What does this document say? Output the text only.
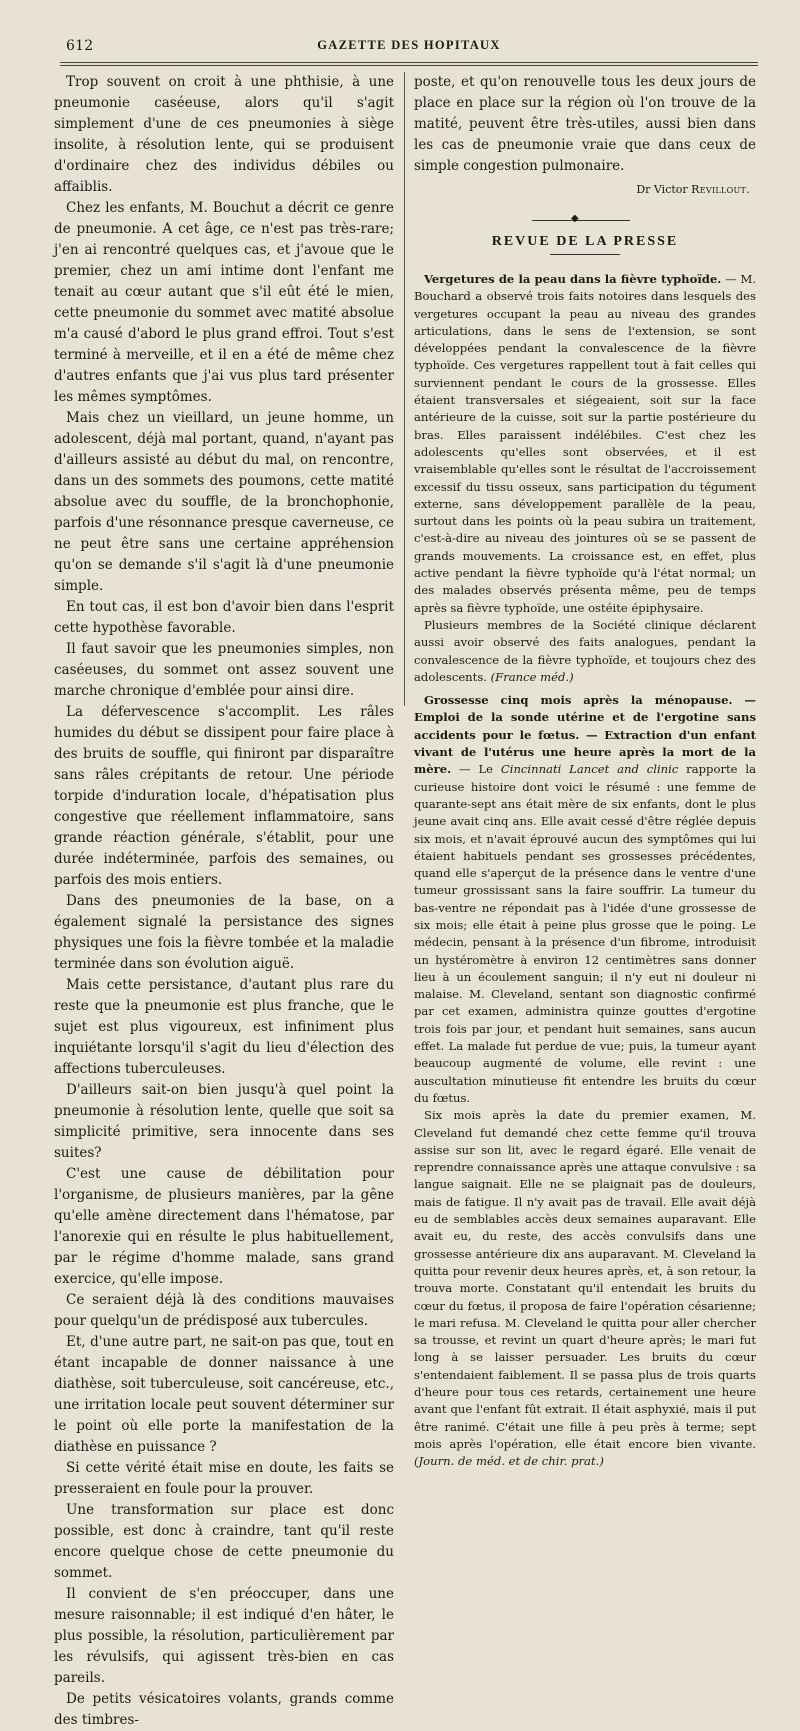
612	GAZETTE DES HOPITAUX

Trop souvent on croit à une phthisie, à une pneumonie caséeuse, alors qu'il s'agit simplement d'une de ces pneumonies à siège insolite, à résolution lente, qui se produisent d'ordinaire chez des individus débiles ou affaiblis.

Chez les enfants, M. Bouchut a décrit ce genre de pneumonie. A cet âge, ce n'est pas très-rare; j'en ai rencontré quelques cas, et j'avoue que le premier, chez un ami intime dont l'enfant me tenait au cœur autant que s'il eût été le mien, cette pneumonie du sommet avec matité absolue m'a causé d'abord le plus grand effroi. Tout s'est terminé à merveille, et il en a été de même chez d'autres enfants que j'ai vus plus tard présenter les mêmes symptômes.

Mais chez un vieillard, un jeune homme, un adolescent, déjà mal portant, quand, n'ayant pas d'ailleurs assisté au début du mal, on rencontre, dans un des sommets des poumons, cette matité absolue avec du souffle, de la bronchophonie, parfois d'une résonnance presque caverneuse, ce ne peut être sans une certaine appréhension qu'on se demande s'il s'agit là d'une pneumonie simple.

En tout cas, il est bon d'avoir bien dans l'esprit cette hypothèse favorable.

Il faut savoir que les pneumonies simples, non caséeuses, du sommet ont assez souvent une marche chronique d'emblée pour ainsi dire.

La défervescence s'accomplit. Les râles humides du début se dissipent pour faire place à des bruits de souffle, qui finiront par disparaître sans râles crépitants de retour. Une période torpide d'induration locale, d'hépatisation plus congestive que réellement inflammatoire, sans grande réaction générale, s'établit, pour une durée indéterminée, parfois des semaines, ou parfois des mois entiers.

Dans des pneumonies de la base, on a également signalé la persistance des signes physiques une fois la fièvre tombée et la maladie terminée dans son évolution aiguë.

Mais cette persistance, d'autant plus rare du reste que la pneumonie est plus franche, que le sujet est plus vigoureux, est infiniment plus inquiétante lorsqu'il s'agit du lieu d'élection des affections tuberculeuses.

D'ailleurs sait-on bien jusqu'à quel point la pneumonie à résolution lente, quelle que soit sa simplicité primitive, sera innocente dans ses suites?

C'est une cause de débilitation pour l'organisme, de plusieurs manières, par la gêne qu'elle amène directement dans l'hématose, par l'anorexie qui en résulte le plus habituellement, par le régime d'homme malade, sans grand exercice, qu'elle impose.

Ce seraient déjà là des conditions mauvaises pour quelqu'un de prédisposé aux tubercules.

Et, d'une autre part, ne sait-on pas que, tout en étant incapable de donner naissance à une diathèse, soit tuberculeuse, soit cancéreuse, etc., une irritation locale peut souvent déterminer sur le point où elle porte la manifestation de la diathèse en puissance ?

Si cette vérité était mise en doute, les faits se presseraient en foule pour la prouver.

Une transformation sur place est donc possible, est donc à craindre, tant qu'il reste encore quelque chose de cette pneumonie du sommet.

Il convient de s'en préoccuper, dans une mesure raisonnable; il est indiqué d'en hâter, le plus possible, la résolution, particulièrement par les révulsifs, qui agissent très-bien en cas pareils.

De petits vésicatoires volants, grands comme des timbres-

poste, et qu'on renouvelle tous les deux jours de place en place sur la région où l'on trouve de la matité, peuvent être très-utiles, aussi bien dans les cas de pneumonie vraie que dans ceux de simple congestion pulmonaire.

Dr Victor Revillout.
◆
REVUE DE LA PRESSE

Vergetures de la peau dans la fièvre typhoïde. — M. Bouchard a observé trois faits notoires dans lesquels des vergetures occupant la peau au niveau des grandes articulations, dans le sens de l'extension, se sont développées pendant la convalescence de la fièvre typhoïde. Ces vergetures rappellent tout à fait celles qui surviennent pendant le cours de la grossesse. Elles étaient transversales et siégeaient, soit sur la face antérieure de la cuisse, soit sur la partie postérieure du bras. Elles paraissent indélébiles. C'est chez les adolescents qu'elles sont observées, et il est vraisemblable qu'elles sont le résultat de l'accroissement excessif du tissu osseux, sans participation du tégument externe, sans développement parallèle de la peau, surtout dans les points où la peau subira un traitement, c'est-à-dire au niveau des jointures où se se passent de grands mouvements. La croissance est, en effet, plus active pendant la fièvre typhoïde qu'à l'état normal; un des malades observés présenta même, peu de temps après sa fièvre typhoïde, une ostéite épiphysaire.

Plusieurs membres de la Société clinique déclarent aussi avoir observé des faits analogues, pendant la convalescence de la fièvre typhoïde, et toujours chez des adolescents. (France méd.)

Grossesse cinq mois après la ménopause. — Emploi de la sonde utérine et de l'ergotine sans accidents pour le fœtus. — Extraction d'un enfant vivant de l'utérus une heure après la mort de la mère. — Le Cincinnati Lancet and clinic rapporte la curieuse histoire dont voici le résumé : une femme de quarante-sept ans était mère de six enfants, dont le plus jeune avait cinq ans. Elle avait cessé d'être réglée depuis six mois, et n'avait éprouvé aucun des symptômes qui lui étaient habituels pendant ses grossesses précédentes, quand elle s'aperçut de la présence dans le ventre d'une tumeur grossissant sans la faire souffrir. La tumeur du bas-ventre ne répondait pas à l'idée d'une grossesse de six mois; elle était à peine plus grosse que le poing. Le médecin, pensant à la présence d'un fibrome, introduisit un hystéromètre à environ 12 centimètres sans donner lieu à un écoulement sanguin; il n'y eut ni douleur ni malaise. M. Cleveland, sentant son diagnostic confirmé par cet examen, administra quinze gouttes d'ergotine trois fois par jour, et pendant huit semaines, sans aucun effet. La malade fut perdue de vue; puis, la tumeur ayant beaucoup augmenté de volume, elle revint : une auscultation minutieuse fit entendre les bruits du cœur du fœtus.

Six mois après la date du premier examen, M. Cleveland fut demandé chez cette femme qu'il trouva assise sur son lit, avec le regard égaré. Elle venait de reprendre connaissance après une attaque convulsive : sa langue saignait. Elle ne se plaignait pas de douleurs, mais de fatigue. Il n'y avait pas de travail. Elle avait déjà eu de semblables accès deux semaines auparavant. Elle avait eu, du reste, des accès convulsifs dans une grossesse antérieure dix ans auparavant. M. Cleveland la quitta pour revenir deux heures après, et, à son retour, la trouva morte. Constatant qu'il entendait les bruits du cœur du fœtus, il proposa de faire l'opération césarienne; le mari refusa. M. Cleveland le quitta pour aller chercher sa trousse, et revint un quart d'heure après; le mari fut long à se laisser persuader. Les bruits du cœur s'entendaient faiblement. Il se passa plus de trois quarts d'heure pour tous ces retards, certainement une heure avant que l'enfant fût extrait. Il était asphyxié, mais il put être ranimé. C'était une fille à peu près à terme; sept mois après l'opération, elle était encore bien vivante. (Journ. de méd. et de chir. prat.)
